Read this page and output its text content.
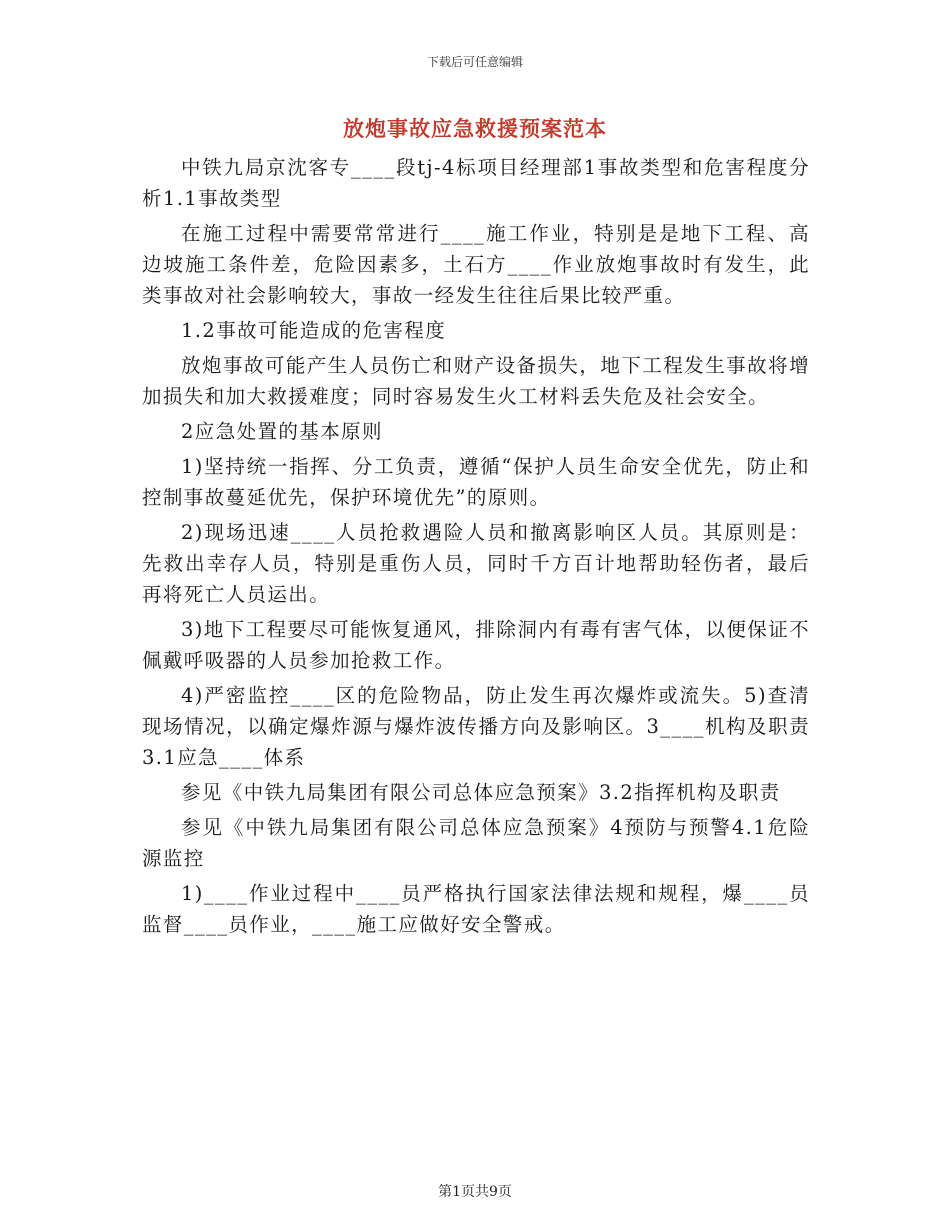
下载后可任意编辑
放炮事故应急救援预案范本

中铁九局京沈客专____段tj-4标项目经理部1事故类型和危害程度分析1.1事故类型

在施工过程中需要常常进行____施工作业，特别是是地下工程、高边坡施工条件差，危险因素多，土石方____作业放炮事故时有发生，此类事故对社会影响较大，事故一经发生往往后果比较严重。

1.2事故可能造成的危害程度

放炮事故可能产生人员伤亡和财产设备损失，地下工程发生事故将增加损失和加大救援难度；同时容易发生火工材料丢失危及社会安全。

2应急处置的基本原则

1)坚持统一指挥、分工负责，遵循“保护人员生命安全优先，防止和控制事故蔓延优先，保护环境优先”的原则。

2)现场迅速____人员抢救遇险人员和撤离影响区人员。其原则是：先救出幸存人员，特别是重伤人员，同时千方百计地帮助轻伤者，最后再将死亡人员运出。

3)地下工程要尽可能恢复通风，排除洞内有毒有害气体，以便保证不佩戴呼吸器的人员参加抢救工作。

4)严密监控____区的危险物品，防止发生再次爆炸或流失。5)查清现场情况，以确定爆炸源与爆炸波传播方向及影响区。3____机构及职责3.1应急____体系

参见《中铁九局集团有限公司总体应急预案》3.2指挥机构及职责

参见《中铁九局集团有限公司总体应急预案》4预防与预警4.1危险源监控

1)____作业过程中____员严格执行国家法律法规和规程，爆____员监督____员作业，____施工应做好安全警戒。

第1页共9页
